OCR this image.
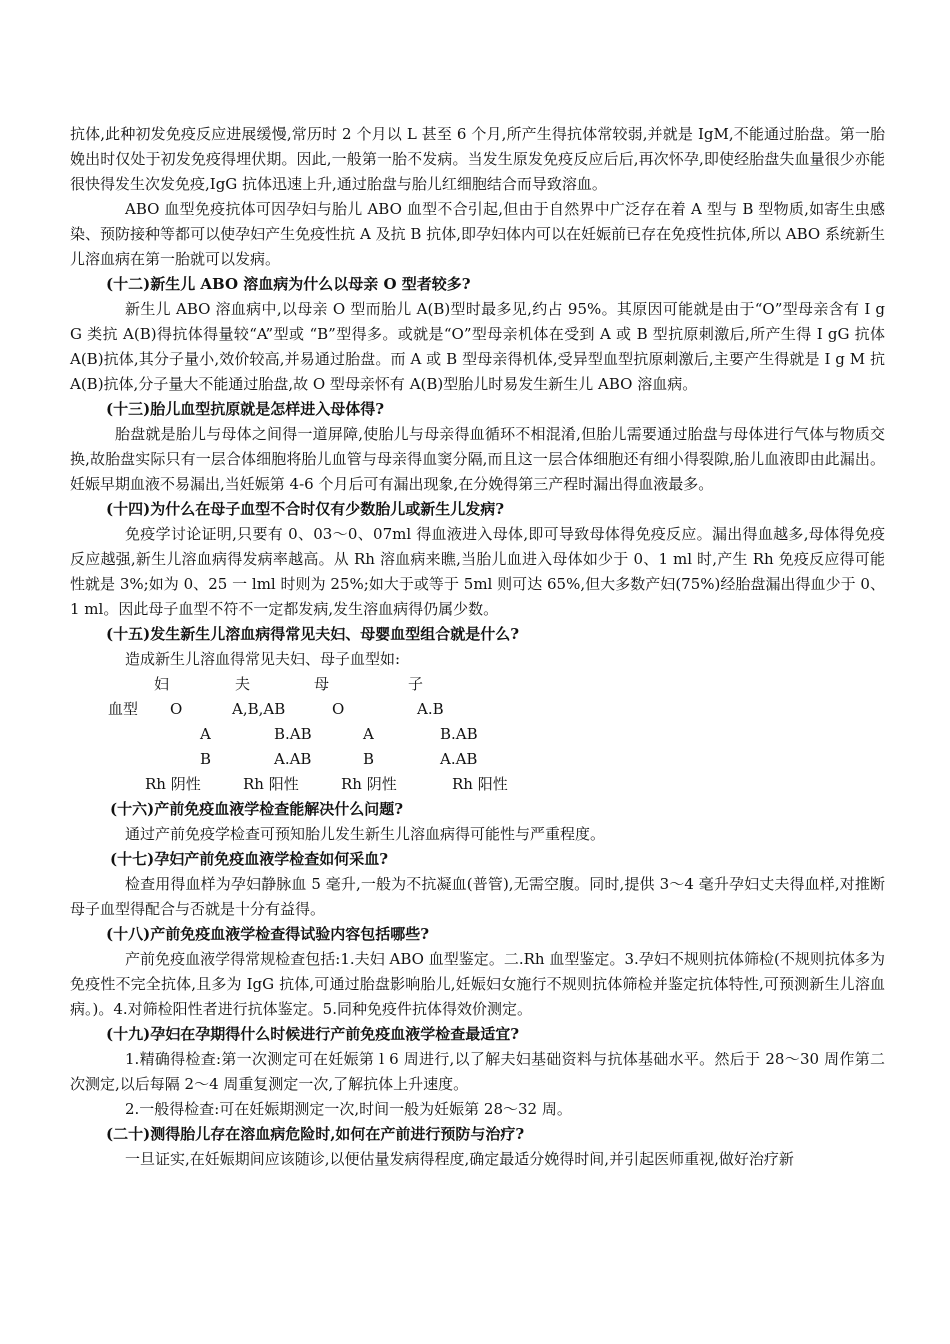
抗体,此种初发免疫反应进展缓慢,常历时 2 个月以 L 甚至 6 个月,所产生得抗体常较弱,并就是 IgM,不能通过胎盘。第一胎娩出时仅处于初发免疫得埋伏期。因此,一般第一胎不发病。当发生原发免疫反应后后,再次怀孕,即使经胎盘失血量很少亦能很快得发生次发免疫,IgG 抗体迅速上升,通过胎盘与胎儿红细胞结合而导致溶血。

ABO 血型免疫抗体可因孕妇与胎儿 ABO 血型不合引起,但由于自然界中广泛存在着 A 型与 B 型物质,如寄生虫感染、预防接种等都可以使孕妇产生免疫性抗 A 及抗 B 抗体,即孕妇体内可以在妊娠前已存在免疫性抗体,所以 ABO 系统新生儿溶血病在第一胎就可以发病。

(十二)新生儿 ABO 溶血病为什么以母亲 O 型者较多?

新生儿 ABO 溶血病中,以母亲 O 型而胎儿 A(B)型时最多见,约占 95%。其原因可能就是由于“O”型母亲含有 I g G 类抗 A(B)得抗体得量较“A”型或 “B”型得多。或就是“O”型母亲机体在受到 A 或 B 型抗原刺激后,所产生得 I gG 抗体 A(B)抗体,其分子量小,效价较高,并易通过胎盘。而 A 或 B 型母亲得机体,受异型血型抗原刺激后,主要产生得就是 I g M 抗 A(B)抗体,分子量大不能通过胎盘,故 O 型母亲怀有 A(B)型胎儿时易发生新生儿 ABO 溶血病。

(十三)胎儿血型抗原就是怎样进入母体得?

胎盘就是胎儿与母体之间得一道屏障,使胎儿与母亲得血循环不相混淆,但胎儿需要通过胎盘与母体进行气体与物质交换,故胎盘实际只有一层合体细胞将胎儿血管与母亲得血窦分隔,而且这一层合体细胞还有细小得裂隙,胎儿血液即由此漏出。妊娠早期血液不易漏出,当妊娠第 4-6 个月后可有漏出现象,在分娩得第三产程时漏出得血液最多。

(十四)为什么在母子血型不合时仅有少数胎儿或新生儿发病?

免疫学讨论证明,只要有 0、03～0、07ml 得血液进入母体,即可导致母体得免疫反应。漏出得血越多,母体得免疫反应越强,新生儿溶血病得发病率越高。从 Rh 溶血病来瞧,当胎儿血进入母体如少于 0、1 ml 时,产生 Rh 免疫反应得可能性就是 3%;如为 0、25 一 lml 时则为 25%;如大于或等于 5ml 则可达 65%,但大多数产妇(75%)经胎盘漏出得血少于 0、1 ml。因此母子血型不符不一定都发病,发生溶血病得仍属少数。

(十五)发生新生儿溶血病得常见夫妇、母婴血型组合就是什么?

造成新生儿溶血得常见夫妇、母子血型如:

妇	夫	母	子
血型 O	A,B,AB	O	A.B
A	B.AB	A	B.AB
B	A.AB	B	A.AB
Rh 阴性	Rh 阳性	Rh 阴性	Rh 阳性

(十六)产前免疫血液学检查能解决什么问题?

通过产前免疫学检查可预知胎儿发生新生儿溶血病得可能性与严重程度。

(十七)孕妇产前免疫血液学检查如何采血?

检查用得血样为孕妇静脉血 5 毫升,一般为不抗凝血(普管),无需空腹。同时,提供 3～4 毫升孕妇丈夫得血样,对推断母子血型得配合与否就是十分有益得。

(十八)产前免疫血液学检查得试验内容包括哪些?

产前免疫血液学得常规检查包括:1.夫妇 ABO 血型鉴定。二.Rh 血型鉴定。3.孕妇不规则抗体筛检(不规则抗体多为免疫性不完全抗体,且多为 IgG 抗体,可通过胎盘影响胎儿,妊娠妇女施行不规则抗体筛检并鉴定抗体特性,可预测新生儿溶血病。)。4.对筛检阳性者进行抗体鉴定。5.同种免疫件抗体得效价测定。

(十九)孕妇在孕期得什么时候进行产前免疫血液学检查最适宜?

1.精确得检查:第一次测定可在妊娠第 l 6 周进行,以了解夫妇基础资料与抗体基础水平。然后于 28～30 周作第二次测定,以后每隔 2～4 周重复测定一次,了解抗体上升速度。

2.一般得检查:可在妊娠期测定一次,时间一般为妊娠第 28～32 周。

(二十)测得胎儿存在溶血病危险时,如何在产前进行预防与治疗?

一旦证实,在妊娠期间应该随诊,以便估量发病得程度,确定最适分娩得时间,并引起医师重视,做好治疗新
